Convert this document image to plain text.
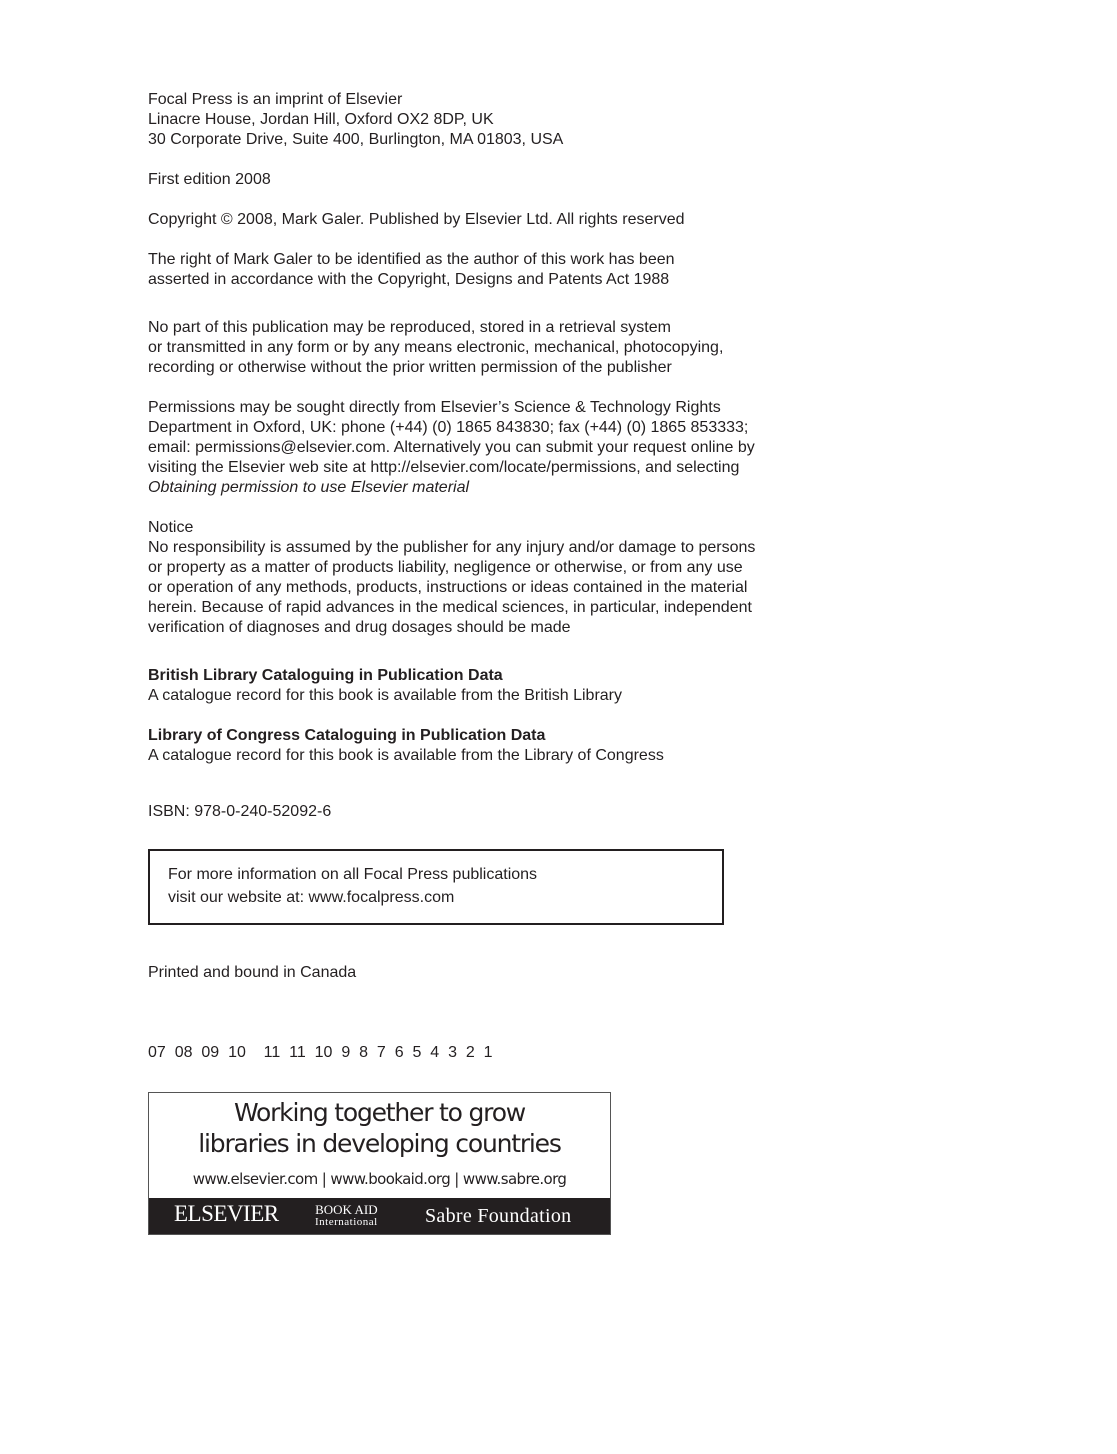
Focal Press is an imprint of Elsevier
Linacre House, Jordan Hill, Oxford OX2 8DP, UK
30 Corporate Drive, Suite 400, Burlington, MA 01803, USA
First edition 2008
Copyright © 2008, Mark Galer. Published by Elsevier Ltd. All rights reserved
The right of Mark Galer to be identified as the author of this work has been
asserted in accordance with the Copyright, Designs and Patents Act 1988
No part of this publication may be reproduced, stored in a retrieval system
or transmitted in any form or by any means electronic, mechanical, photocopying,
recording or otherwise without the prior written permission of the publisher
Permissions may be sought directly from Elsevier’s Science & Technology Rights
Department in Oxford, UK: phone (+44) (0) 1865 843830; fax (+44) (0) 1865 853333;
email: permissions@elsevier.com. Alternatively you can submit your request online by
visiting the Elsevier web site at http://elsevier.com/locate/permissions, and selecting
Obtaining permission to use Elsevier material
Notice
No responsibility is assumed by the publisher for any injury and/or damage to persons
or property as a matter of products liability, negligence or otherwise, or from any use
or operation of any methods, products, instructions or ideas contained in the material
herein. Because of rapid advances in the medical sciences, in particular, independent
verification of diagnoses and drug dosages should be made
British Library Cataloguing in Publication Data
A catalogue record for this book is available from the British Library
Library of Congress Cataloguing in Publication Data
A catalogue record for this book is available from the Library of Congress
ISBN: 978-0-240-52092-6
For more information on all Focal Press publications
visit our website at: www.focalpress.com
Printed and bound in Canada

07  08  09  10    11  11  10  9  8  7  6  5  4  3  2  1

Working together to grow
libraries in developing countries
www.elsevier.com | www.bookaid.org | www.sabre.org
ELSEVIER	BOOK AID
International Sabre Foundation
